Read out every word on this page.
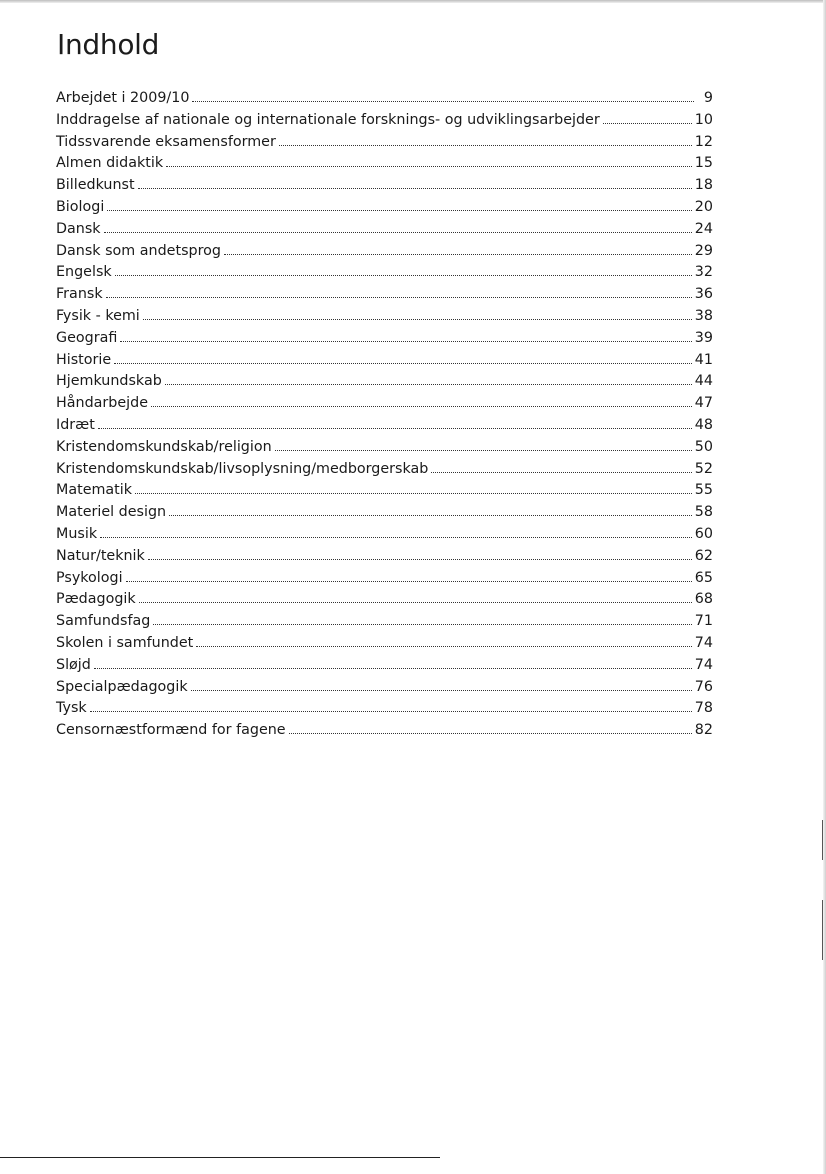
Indhold
Arbejdet i 2009/10	9
Inddragelse af nationale og internationale forsknings- og udviklingsarbejder	10
Tidssvarende eksamensformer	12
Almen didaktik	15
Billedkunst	18
Biologi	20
Dansk	24
Dansk som andetsprog	29
Engelsk	32
Fransk	36
Fysik - kemi	38
Geografi	39
Historie	41
Hjemkundskab	44
Håndarbejde	47
Idræt	48
Kristendomskundskab/religion	50
Kristendomskundskab/livsoplysning/medborgerskab	52
Matematik	55
Materiel design	58
Musik	60
Natur/teknik	62
Psykologi	65
Pædagogik	68
Samfundsfag	71
Skolen i samfundet	74
Sløjd	74
Specialpædagogik	76
Tysk	78
Censornæstformænd for fagene	82
